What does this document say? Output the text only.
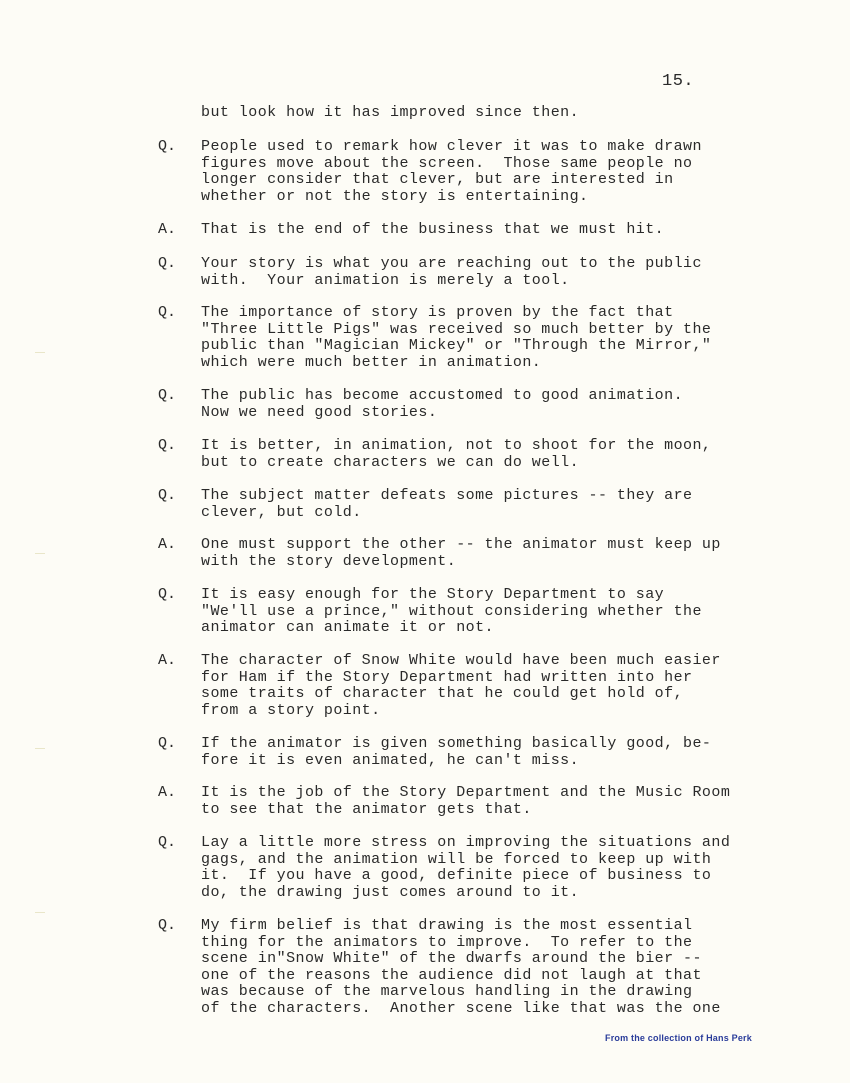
15.
but look how it has improved since then.
Q. People used to remark how clever it was to make drawn
figures move about the screen.  Those same people no
longer consider that clever, but are interested in
whether or not the story is entertaining.
A. That is the end of the business that we must hit.
Q. Your story is what you are reaching out to the public
with.  Your animation is merely a tool.
Q. The importance of story is proven by the fact that
"Three Little Pigs" was received so much better by the
public than "Magician Mickey" or "Through the Mirror,"
which were much better in animation.
Q. The public has become accustomed to good animation.
Now we need good stories.
Q. It is better, in animation, not to shoot for the moon,
but to create characters we can do well.
Q. The subject matter defeats some pictures -- they are
clever, but cold.
A. One must support the other -- the animator must keep up
with the story development.
Q. It is easy enough for the Story Department to say
"We'll use a prince," without considering whether the
animator can animate it or not.
A. The character of Snow White would have been much easier
for Ham if the Story Department had written into her
some traits of character that he could get hold of,
from a story point.
Q. If the animator is given something basically good, be-
fore it is even animated, he can't miss.
A. It is the job of the Story Department and the Music Room
to see that the animator gets that.
Q. Lay a little more stress on improving the situations and
gags, and the animation will be forced to keep up with
it.  If you have a good, definite piece of business to
do, the drawing just comes around to it.
Q. My firm belief is that drawing is the most essential
thing for the animators to improve.  To refer to the
scene in"Snow White" of the dwarfs around the bier --
one of the reasons the audience did not laugh at that
was because of the marvelous handling in the drawing
of the characters.  Another scene like that was the one
From the collection of Hans Perk
